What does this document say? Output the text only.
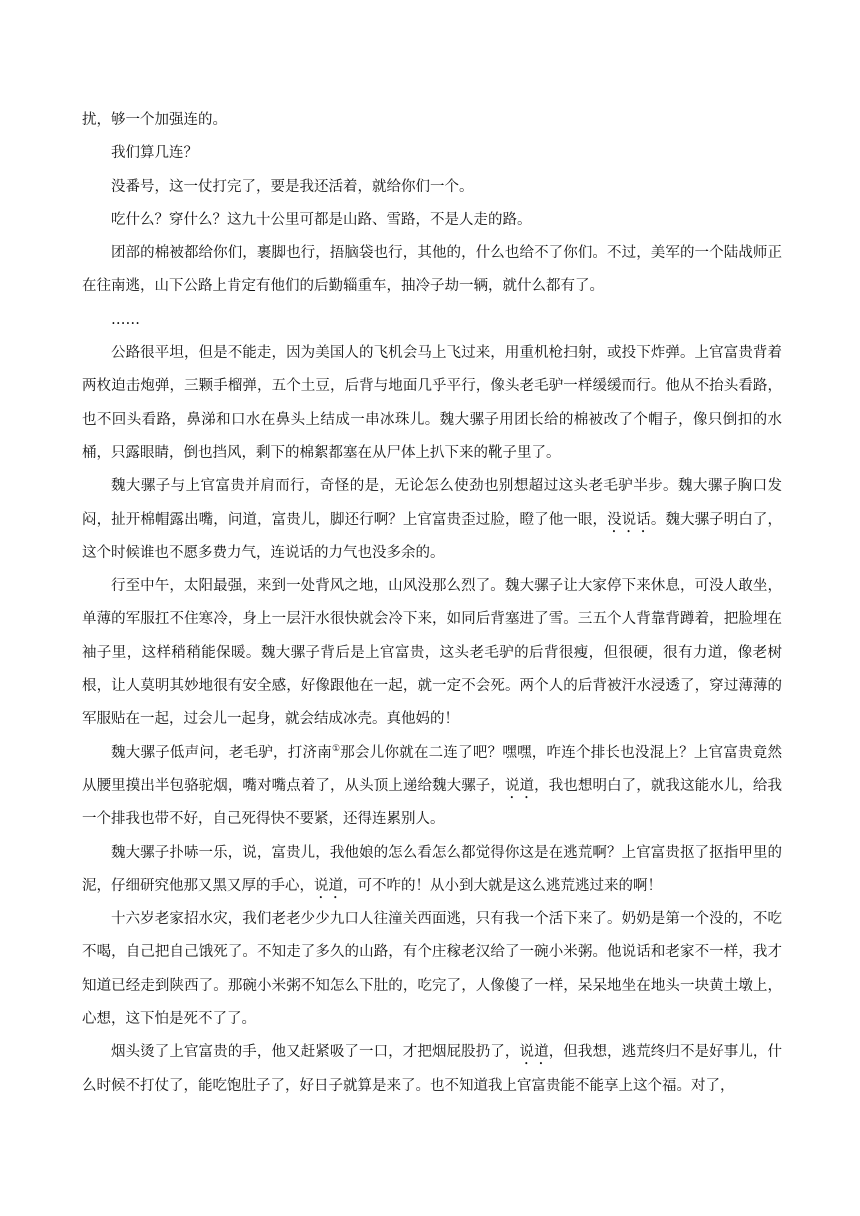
扰，够一个加强连的。

我们算几连？

没番号，这一仗打完了，要是我还活着，就给你们一个。

吃什么？穿什么？这九十公里可都是山路、雪路，不是人走的路。

团部的棉被都给你们，裹脚也行，捂脑袋也行，其他的，什么也给不了你们。不过，美军的一个陆战师正在往南逃，山下公路上肯定有他们的后勤辎重车，抽冷子劫一辆，就什么都有了。

……

公路很平坦，但是不能走，因为美国人的飞机会马上飞过来，用重机枪扫射，或投下炸弹。上官富贵背着两枚迫击炮弹，三颗手榴弹，五个土豆，后背与地面几乎平行，像头老毛驴一样缓缓而行。他从不抬头看路，也不回头看路，鼻涕和口水在鼻头上结成一串冰珠儿。魏大骡子用团长给的棉被改了个帽子，像只倒扣的水桶，只露眼睛，倒也挡风，剩下的棉絮都塞在从尸体上扒下来的靴子里了。

魏大骡子与上官富贵并肩而行，奇怪的是，无论怎么使劲也别想超过这头老毛驴半步。魏大骡子胸口发闷，扯开棉帽露出嘴，问道，富贵儿，脚还行啊？上官富贵歪过脸，瞪了他一眼，没说话。魏大骡子明白了，这个时候谁也不愿多费力气，连说话的力气也没多余的。

行至中午，太阳最强，来到一处背风之地，山风没那么烈了。魏大骡子让大家停下来休息，可没人敢坐，单薄的军服扛不住寒冷，身上一层汗水很快就会冷下来，如同后背塞进了雪。三五个人背靠背蹲着，把脸埋在袖子里，这样稍稍能保暖。魏大骡子背后是上官富贵，这头老毛驴的后背很瘦，但很硬，很有力道，像老树根，让人莫明其妙地很有安全感，好像跟他在一起，就一定不会死。两个人的后背被汗水浸透了，穿过薄薄的军服贴在一起，过会儿一起身，就会结成冰壳。真他妈的！

魏大骡子低声问，老毛驴，打济南①那会儿你就在二连了吧？嘿嘿，咋连个排长也没混上？上官富贵竟然从腰里摸出半包骆驼烟，嘴对嘴点着了，从头顶上递给魏大骡子，说道，我也想明白了，就我这能水儿，给我一个排我也带不好，自己死得快不要紧，还得连累别人。

魏大骡子扑哧一乐，说，富贵儿，我他娘的怎么看怎么都觉得你这是在逃荒啊？上官富贵抠了抠指甲里的泥，仔细研究他那又黑又厚的手心，说道，可不咋的！从小到大就是这么逃荒逃过来的啊！

十六岁老家招水灾，我们老老少少九口人往潼关西面逃，只有我一个活下来了。奶奶是第一个没的，不吃不喝，自己把自己饿死了。不知走了多久的山路，有个庄稼老汉给了一碗小米粥。他说话和老家不一样，我才知道已经走到陕西了。那碗小米粥不知怎么下肚的，吃完了，人像傻了一样，呆呆地坐在地头一块黄土墩上，心想，这下怕是死不了了。

烟头烫了上官富贵的手，他又赶紧吸了一口，才把烟屁股扔了，说道，但我想，逃荒终归不是好事儿，什么时候不打仗了，能吃饱肚子了，好日子就算是来了。也不知道我上官富贵能不能享上这个福。对了，
